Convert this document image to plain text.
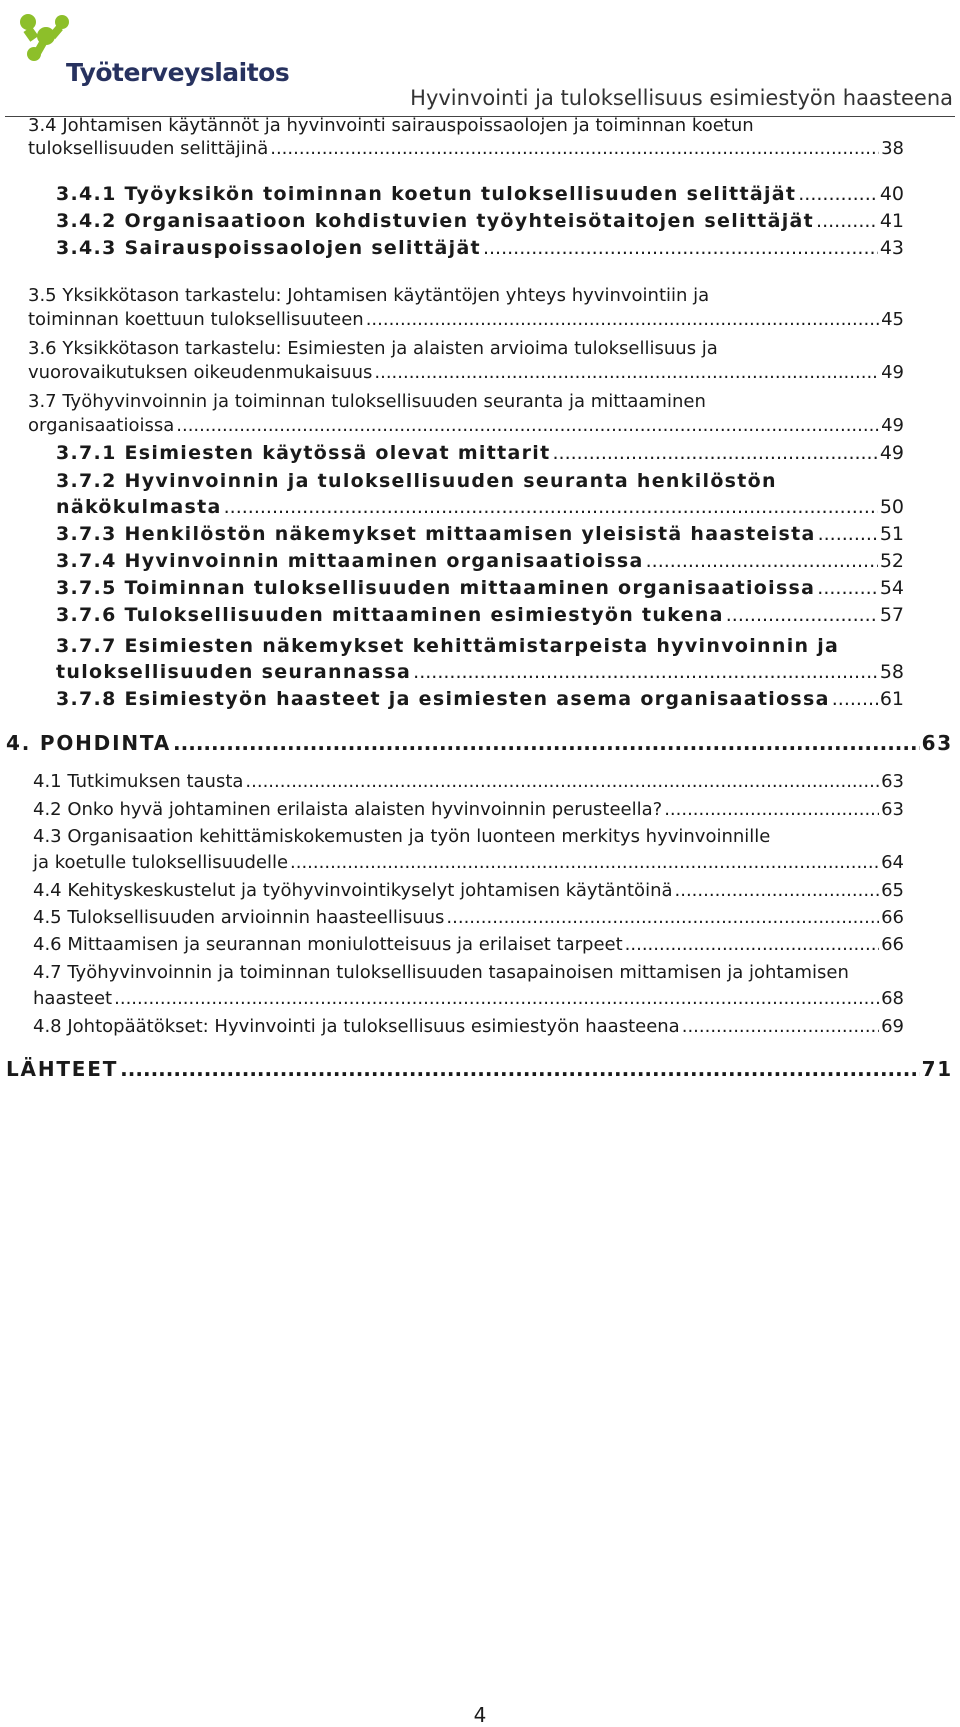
Työterveyslaitos
Hyvinvointi ja tuloksellisuus esimiestyön haasteena
3.4 Johtamisen käytännöt ja hyvinvointi sairauspoissaolojen ja toiminnan koetun
tuloksellisuuden selittäjinä .....	38
3.4.1 Työyksikön toiminnan koetun tuloksellisuuden selittäjät .....	40
3.4.2 Organisaatioon kohdistuvien työyhteisötaitojen selittäjät .....	41
3.4.3 Sairauspoissaolojen selittäjät .....	43
3.5 Yksikkötason tarkastelu: Johtamisen käytäntöjen yhteys hyvinvointiin ja
toiminnan koettuun tuloksellisuuteen .....	45
3.6 Yksikkötason tarkastelu: Esimiesten ja alaisten arvioima tuloksellisuus ja
vuorovaikutuksen oikeudenmukaisuus .....	49
3.7 Työhyvinvoinnin ja toiminnan tuloksellisuuden seuranta ja mittaaminen
organisaatioissa .....	49
3.7.1 Esimiesten käytössä olevat mittarit .....	49
3.7.2 Hyvinvoinnin ja tuloksellisuuden seuranta henkilöstön
näkökulmasta .....	50
3.7.3 Henkilöstön näkemykset mittaamisen yleisistä haasteista .....	51
3.7.4 Hyvinvoinnin mittaaminen organisaatioissa .....	52
3.7.5 Toiminnan tuloksellisuuden mittaaminen organisaatioissa .....	54
3.7.6 Tuloksellisuuden mittaaminen esimiestyön tukena .....	57
3.7.7 Esimiesten näkemykset kehittämistarpeista hyvinvoinnin ja
tuloksellisuuden seurannassa .....	58
3.7.8 Esimiestyön haasteet ja esimiesten asema organisaatiossa .....	61
4. POHDINTA .....	63
4.1 Tutkimuksen tausta .....	63
4.2 Onko hyvä johtaminen erilaista alaisten hyvinvoinnin perusteella? .....	63
4.3 Organisaation kehittämiskokemusten ja työn luonteen merkitys hyvinvoinnille
ja koetulle tuloksellisuudelle .....	64
4.4 Kehityskeskustelut ja työhyvinvointikyselyt johtamisen käytäntöinä .....	65
4.5 Tuloksellisuuden arvioinnin haasteellisuus .....	66
4.6 Mittaamisen ja seurannan moniulotteisuus ja erilaiset tarpeet .....	66
4.7 Työhyvinvoinnin ja toiminnan tuloksellisuuden tasapainoisen mittamisen ja johtamisen
haasteet .....	68
4.8 Johtopäätökset: Hyvinvointi ja tuloksellisuus esimiestyön haasteena .....	69
LÄHTEET .....	71
4
